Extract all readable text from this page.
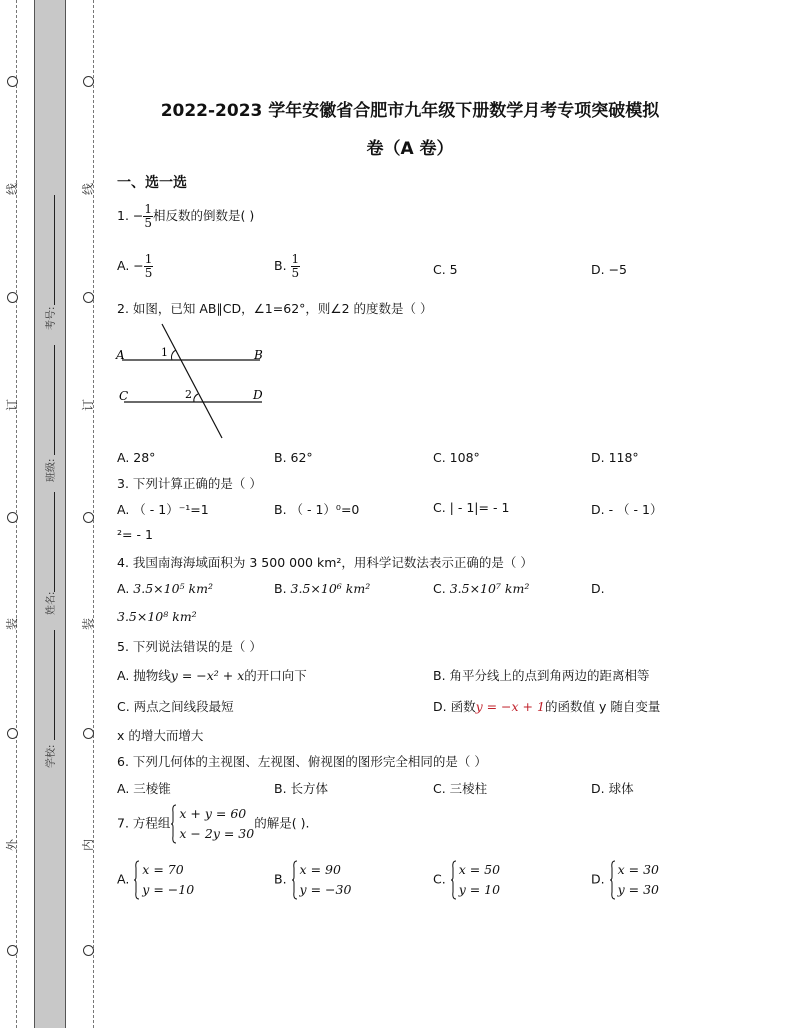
线
订
装
外
线
订
装
内
考号:
班级:
姓名:
学校:
2022-2023 学年安徽省合肥市九年级下册数学月考专项突破模拟
卷（A 卷）
一、选一选
1. − $\frac{1}{5}$ 相反数的倒数是( )
A. − $\frac{1}{5}$	B. $\frac{1}{5}$	C. 5	D. −5
2. 如图，已知 AB∥CD，∠1=62°，则∠2 的度数是（ ）
A	B
C	D
1
2
A. 28°	B. 62°	C. 108°	D. 118°
3. 下列计算正确的是（ ）
A. （ - 1）⁻¹=1	B. （ - 1）⁰=0	C. | - 1|= - 1	D. - （ - 1）
²= - 1
4. 我国南海海域面积为 3 500 000 km²，用科学记数法表示正确的是（ ）
A. 3.5×10⁵ km²	B. 3.5×10⁶ km²	C. 3.5×10⁷ km²	D.
3.5×10⁸ km²
5. 下列说法错误的是（ ）
A. 抛物线y = −x² + x的开口向下	B. 角平分线上的点到角两边的距离相等
C. 两点之间线段最短	D. 函数y = −x + 1的函数值 y 随自变量
x 的增大而增大
6. 下列几何体的主视图、左视图、俯视图的图形完全相同的是（ ）
A. 三棱锥	B. 长方体	C. 三棱柱	D. 球体
7. 方程组
x + y = 60
x − 2y = 30
的解是( ).
A.
x = 70
y = −10
B.
x = 90
y = −30
C.
x = 50
y = 10
D.
x = 30
y = 30
